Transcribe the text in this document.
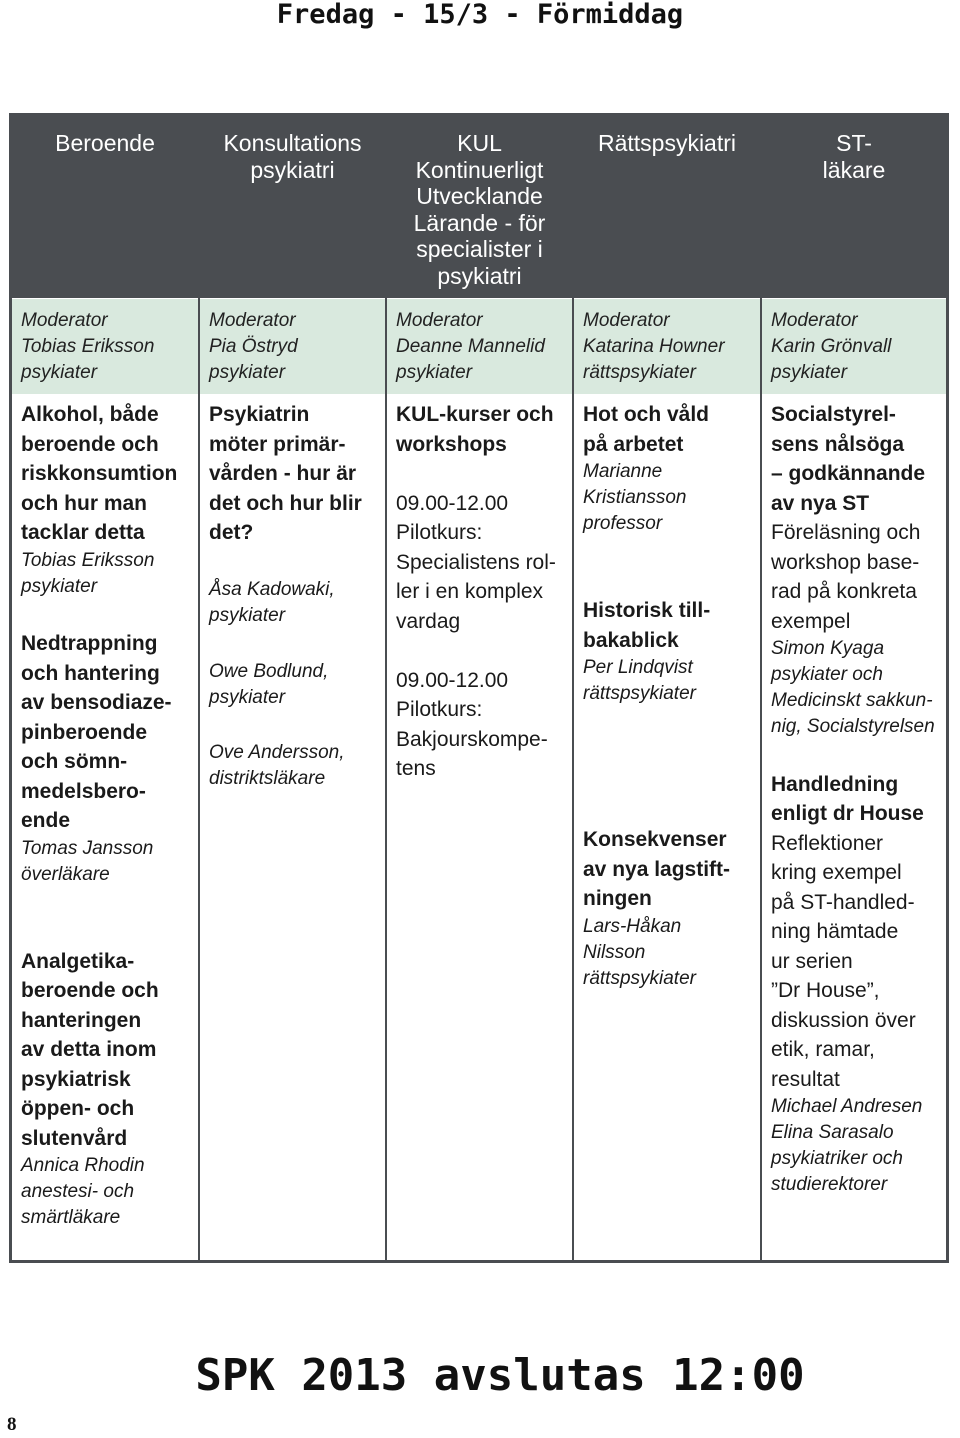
Fredag - 15/3 - Förmiddag
Beroende
Moderator
Tobias Eriksson
psykiater
Alkohol, både
beroende och
riskkonsumtion
och hur man
tacklar detta
Tobias Eriksson
psykiater
Nedtrappning
och hantering
av bensodiaze-
pinberoende
och sömn-
medelsbero-
ende
Tomas Jansson
överläkare
Analgetika-
beroende och
hanteringen
av detta inom
psykiatrisk
öppen- och
slutenvård
Annica Rhodin
anestesi- och
smärtläkare
Konsultations
psykiatri
Moderator
Pia Östryd
psykiater
Psykiatrin
möter primär-
vården - hur är
det och hur blir
det?
Åsa Kadowaki,
psykiater
Owe Bodlund,
psykiater
Ove Andersson,
distriktsläkare
KUL
Kontinuerligt
Utvecklande
Lärande - för
specialister i
psykiatri
Moderator
Deanne Mannelid
psykiater
KUL-kurser och
workshops
09.00-12.00
Pilotkurs:
Specialistens rol-
ler i en komplex
vardag
09.00-12.00
Pilotkurs:
Bakjourskompe-
tens
Rättspsykiatri
Moderator
Katarina Howner
rättspsykiater
Hot och våld
på arbetet
Marianne
Kristiansson
professor
Historisk till-
bakablick
Per Lindqvist
rättspsykiater
Konsekvenser
av nya lagstift-
ningen
Lars-Håkan
Nilsson
rättspsykiater
ST-
läkare
Moderator
Karin Grönvall
psykiater
Socialstyrel-
sens nålsöga
– godkännande
av nya ST
Föreläsning och
workshop base-
rad på konkreta
exempel
Simon Kyaga
psykiater och
Medicinskt sakkun-
nig, Socialstyrelsen
Handledning
enligt dr House
Reflektioner
kring exempel
på ST-handled-
ning hämtade
ur serien
”Dr House”,
diskussion över
etik, ramar,
resultat
Michael Andresen
Elina Sarasalo
psykiatriker och
studierektorer
SPK 2013 avslutas 12:00
8
